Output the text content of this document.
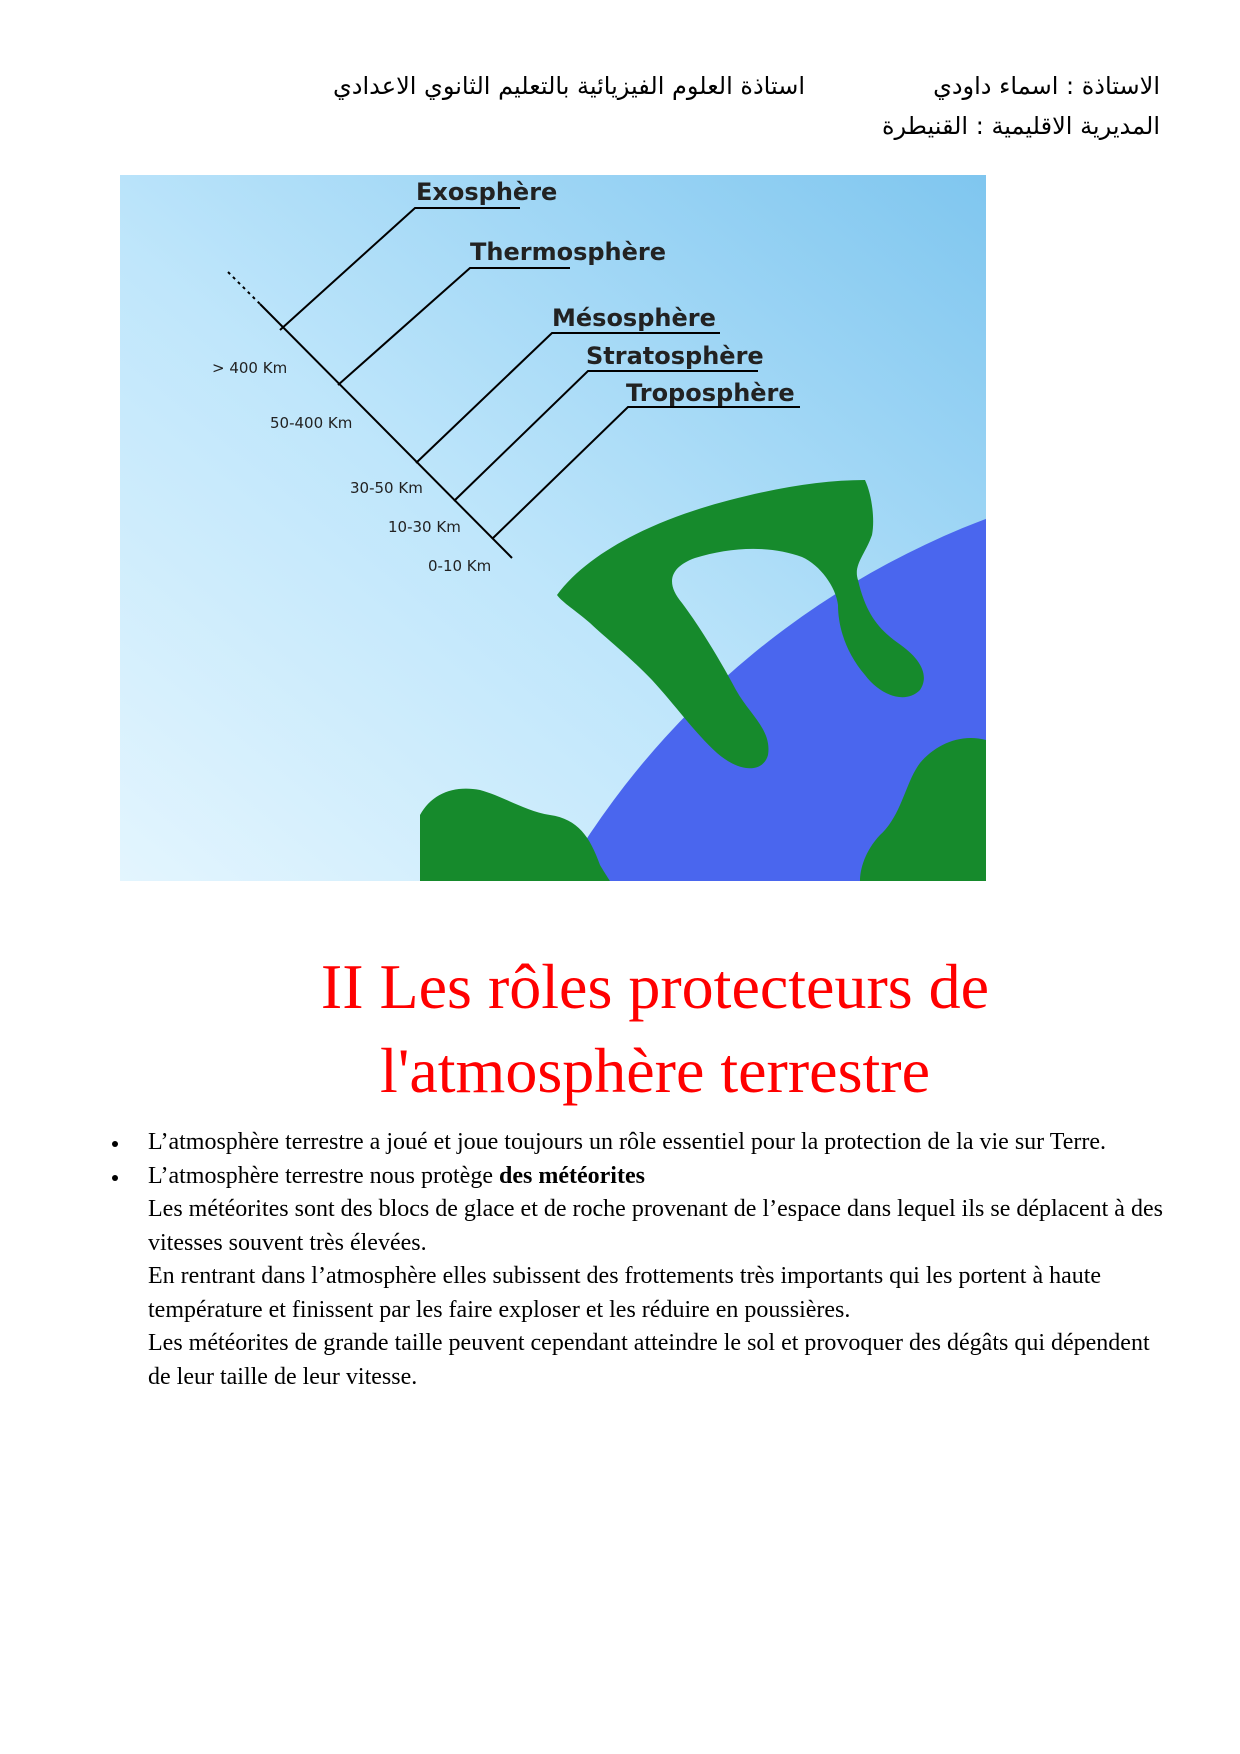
الاستاذة : اسماء داودي
استاذة العلوم الفيزيائية بالتعليم الثانوي الاعدادي
المديرية الاقليمية : القنيطرة
Exosphère
Thermosphère
Mésosphère
Stratosphère
Troposphère
> 400 Km
50-400 Km
30-50 Km
10-30 Km
0-10 Km
II Les rôles protecteurs de
l'atmosphère terrestre

L’atmosphère terrestre a joué et joue toujours un rôle essentiel pour la protection de la vie sur Terre.

L’atmosphère terrestre nous protège des météorites

Les météorites sont des blocs de glace et de roche provenant de l’espace dans lequel ils se déplacent à des vitesses souvent très élevées.

En rentrant dans l’atmosphère elles subissent des frottements très importants qui les portent à haute température et finissent par les faire exploser et les réduire en poussières.

Les météorites de grande taille peuvent cependant atteindre le sol et provoquer des dégâts qui dépendent de leur taille de leur vitesse.
